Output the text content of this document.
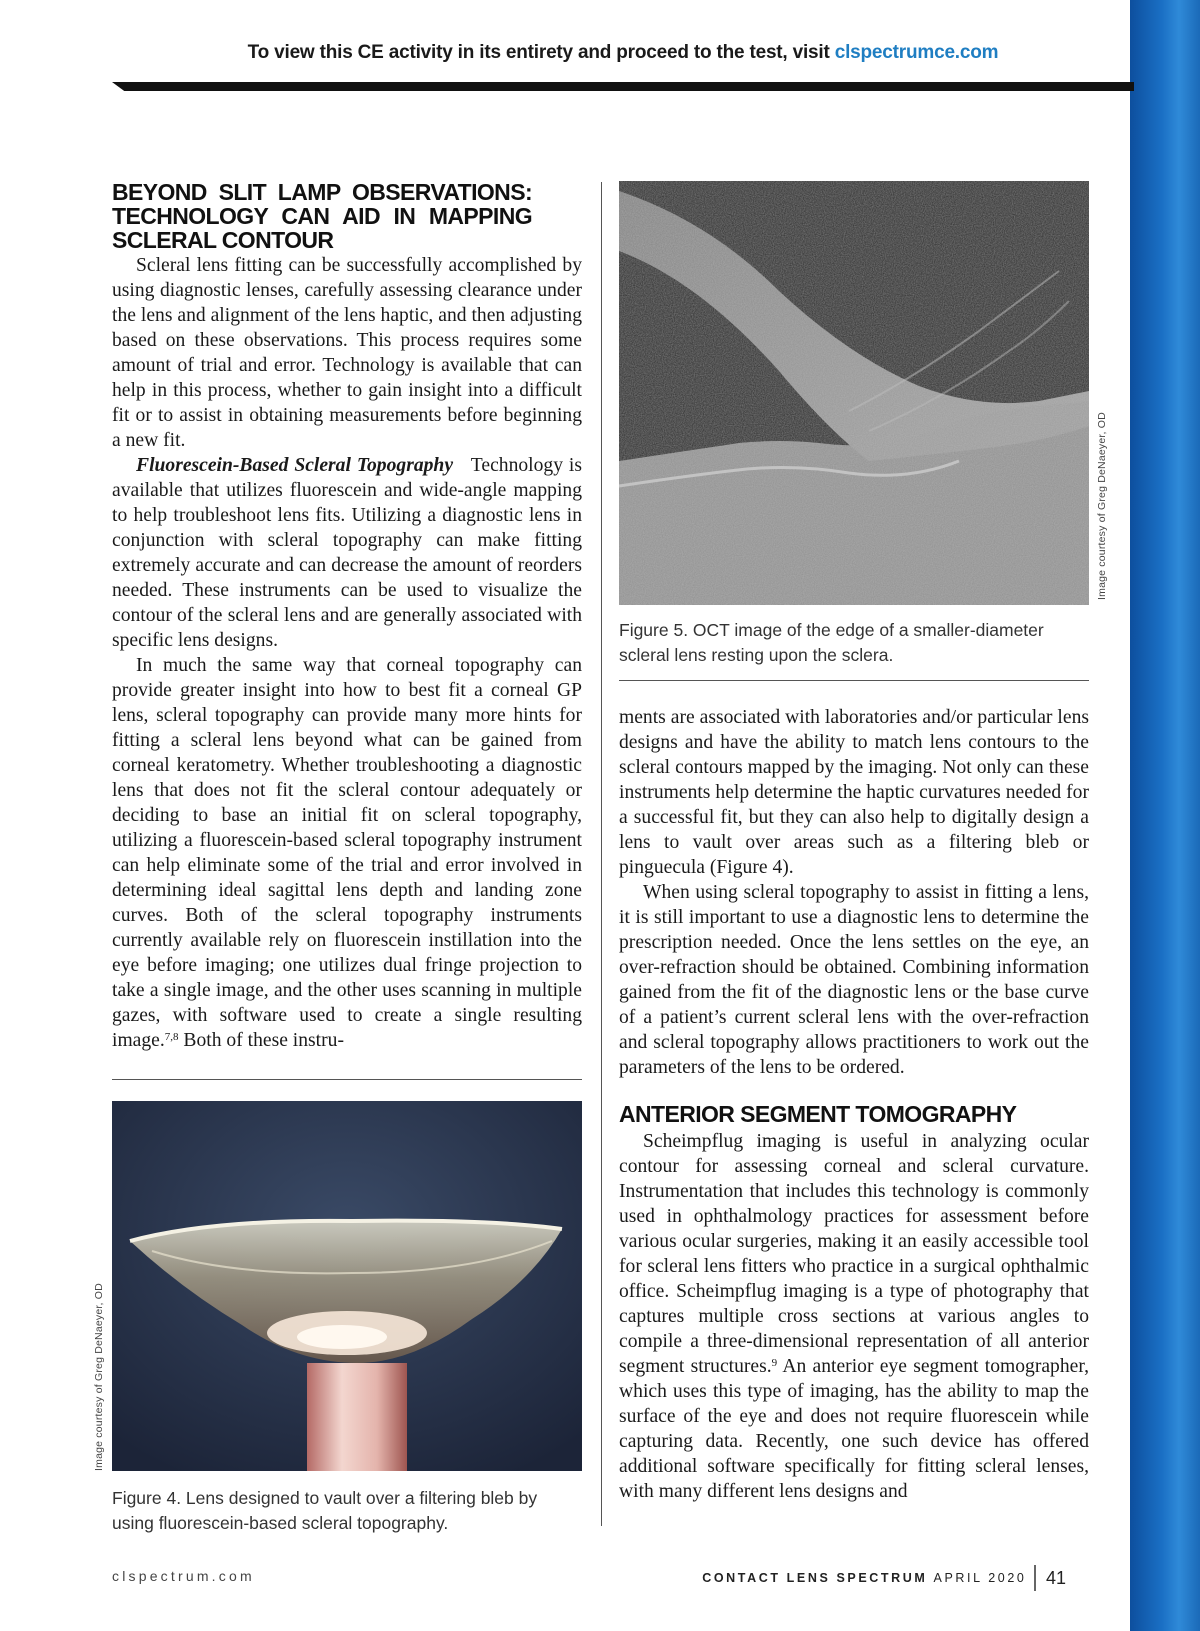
To view this CE activity in its entirety and proceed to the test, visit clspectrumce.com
BEYOND SLIT LAMP OBSERVATIONS: TECHNOLOGY CAN AID IN MAPPING SCLERAL CONTOUR

Scleral lens fitting can be successfully accomplished by using diagnostic lenses, carefully assessing clearance under the lens and alignment of the lens haptic, and then adjusting based on these observations. This process requires some amount of trial and error. Technology is available that can help in this process, whether to gain insight into a difficult fit or to assist in obtaining measurements before beginning a new fit.

Fluorescein-Based Scleral Topography Technology is available that utilizes fluorescein and wide-angle mapping to help troubleshoot lens fits. Utilizing a diagnostic lens in conjunction with scleral topography can make fitting extremely accurate and can decrease the amount of reorders needed. These instruments can be used to visualize the contour of the scleral lens and are generally associated with specific lens designs.

In much the same way that corneal topography can provide greater insight into how to best fit a corneal GP lens, scleral topography can provide many more hints for fitting a scleral lens beyond what can be gained from corneal keratometry. Whether troubleshooting a diagnostic lens that does not fit the scleral contour adequately or deciding to base an initial fit on scleral topography, utilizing a fluorescein-based scleral topography instrument can help eliminate some of the trial and error involved in determining ideal sagittal lens depth and landing zone curves. Both of the scleral topography instruments currently available rely on fluorescein instillation into the eye before imaging; one utilizes dual fringe projection to take a single image, and the other uses scanning in multiple gazes, with software used to create a single resulting image.$^{7,8}$ Both of these instru-

Image courtesy of Greg DeNaeyer, OD
Figure 4. Lens designed to vault over a filtering bleb by using fluorescein-based scleral topography.
Image courtesy of Greg DeNaeyer, OD
Figure 5. OCT image of the edge of a smaller-diameter scleral lens resting upon the sclera.

ments are associated with laboratories and/or particular lens designs and have the ability to match lens contours to the scleral contours mapped by the imaging. Not only can these instruments help determine the haptic curvatures needed for a successful fit, but they can also help to digitally design a lens to vault over areas such as a filtering bleb or pinguecula (Figure 4).

When using scleral topography to assist in fitting a lens, it is still important to use a diagnostic lens to determine the prescription needed. Once the lens settles on the eye, an over-refraction should be obtained. Combining information gained from the fit of the diagnostic lens or the base curve of a patient’s current scleral lens with the over-refraction and scleral topography allows practitioners to work out the parameters of the lens to be ordered.

ANTERIOR SEGMENT TOMOGRAPHY

Scheimpflug imaging is useful in analyzing ocular contour for assessing corneal and scleral curvature. Instrumentation that includes this technology is commonly used in ophthalmology practices for assessment before various ocular surgeries, making it an easily accessible tool for scleral lens fitters who practice in a surgical ophthalmic office. Scheimpflug imaging is a type of photography that captures multiple cross sections at various angles to compile a three-dimensional representation of all anterior segment structures.$^9$ An anterior eye segment tomographer, which uses this type of imaging, has the ability to map the surface of the eye and does not require fluorescein while capturing data. Recently, one such device has offered additional software specifically for fitting scleral lenses, with many different lens designs and

clspectrum.com	CONTACT LENS SPECTRUM
APRIL 2020 41
